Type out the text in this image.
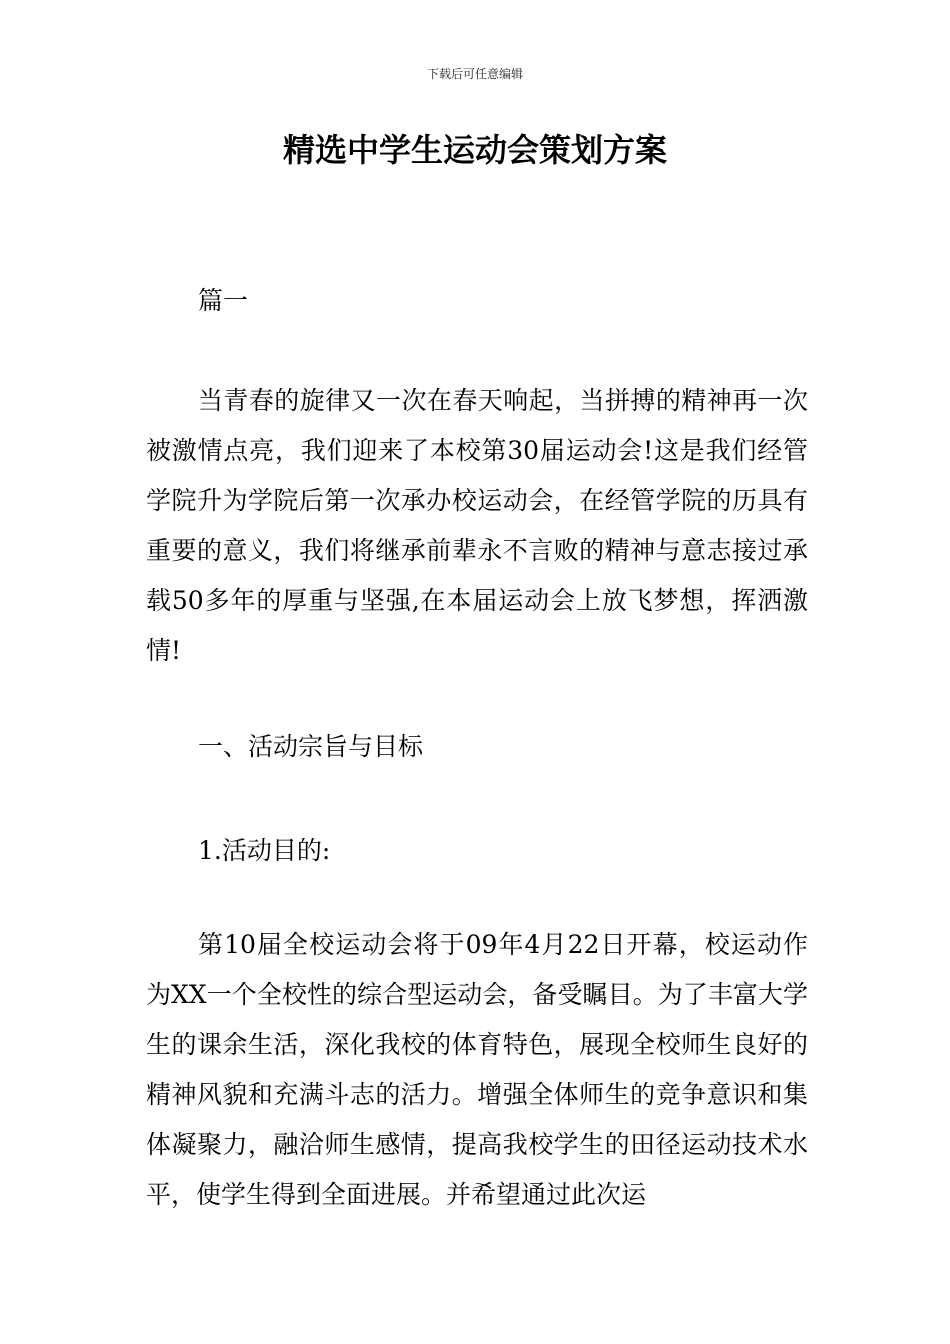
下载后可任意编辑
精选中学生运动会策划方案

篇一

当青春的旋律又一次在春天响起，当拼搏的精神再一次被激情点亮，我们迎来了本校第30届运动会!这是我们经管学院升为学院后第一次承办校运动会，在经管学院的历具有重要的意义，我们将继承前辈永不言败的精神与意志接过承载50多年的厚重与坚强,在本届运动会上放飞梦想，挥洒激情!

一、活动宗旨与目标

1.活动目的:

第10届全校运动会将于09年4月22日开幕，校运动作为XX一个全校性的综合型运动会，备受瞩目。为了丰富大学生的课余生活，深化我校的体育特色，展现全校师生良好的精神风貌和充满斗志的活力。增强全体师生的竞争意识和集体凝聚力，融洽师生感情，提高我校学生的田径运动技术水平，使学生得到全面进展。并希望通过此次运
